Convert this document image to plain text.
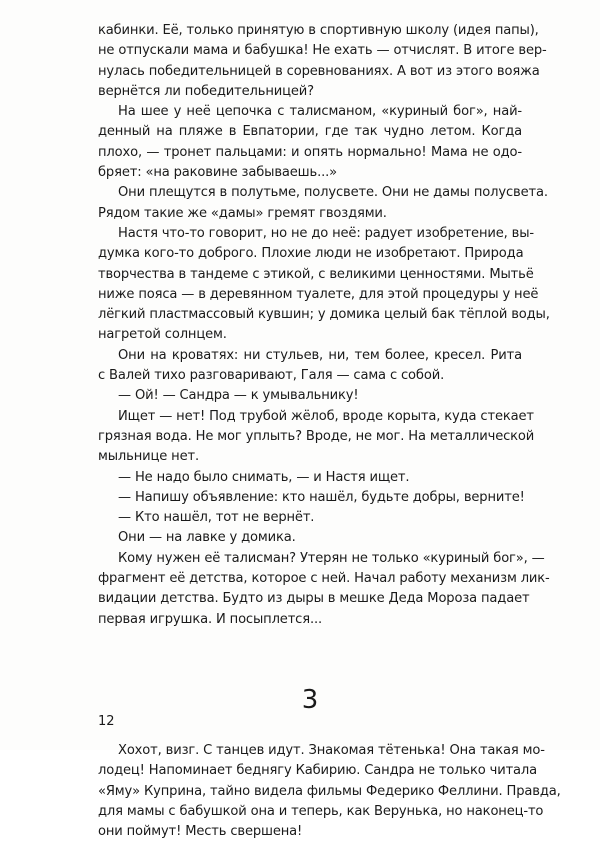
кабинки. Её, только принятую в спортивную школу (идея папы),
не отпускали мама и бабушка! Не ехать — отчислят. В итоге вер-
нулась победительницей в соревнованиях. А вот из этого вояжа
вернётся ли победительницей?

На шее у неё цепочка с талисманом, «куриный бог», най-
денный на пляже в Евпатории, где так чудно летом. Когда
плохо, — тронет пальцами: и опять нормально! Мама не одо-
бряет: «на раковине забываешь...»

Они плещутся в полутьме, полусвете. Они не дамы полусвета.
Рядом такие же «дамы» гремят гвоздями.

Настя что-то говорит, но не до неё: радует изобретение, вы-
думка кого-то доброго. Плохие люди не изобретают. Природа
творчества в тандеме с этикой, с великими ценностями. Мытьё
ниже пояса — в деревянном туалете, для этой процедуры у неё
лёгкий пластмассовый кувшин; у домика целый бак тёплой воды,
нагретой солнцем.

Они на кроватях: ни стульев, ни, тем более, кресел. Рита
с Валей тихо разговаривают, Галя — сама с собой.

— Ой! — Сандра — к умывальнику!

Ищет — нет! Под трубой жёлоб, вроде корыта, куда стекает
грязная вода. Не мог уплыть? Вроде, не мог. На металлической
мыльнице нет.

— Не надо было снимать, — и Настя ищет.

— Напишу объявление: кто нашёл, будьте добры, верните!

— Кто нашёл, тот не вернёт.

Они — на лавке у домика.

Кому нужен её талисман? Утерян не только «куриный бог», —
фрагмент её детства, которое с ней. Начал работу механизм лик-
видации детства. Будто из дыры в мешке Деда Мороза падает
первая игрушка. И посыплется...

3

Хохот, визг. С танцев идут. Знакомая тётенька! Она такая мо-
лодец! Напоминает беднягу Кабирию. Сандра не только читала
«Яму» Куприна, тайно видела фильмы Федерико Феллини. Правда,
для мамы с бабушкой она и теперь, как Верунька, но наконец-то
они поймут! Месть свершена!

12
